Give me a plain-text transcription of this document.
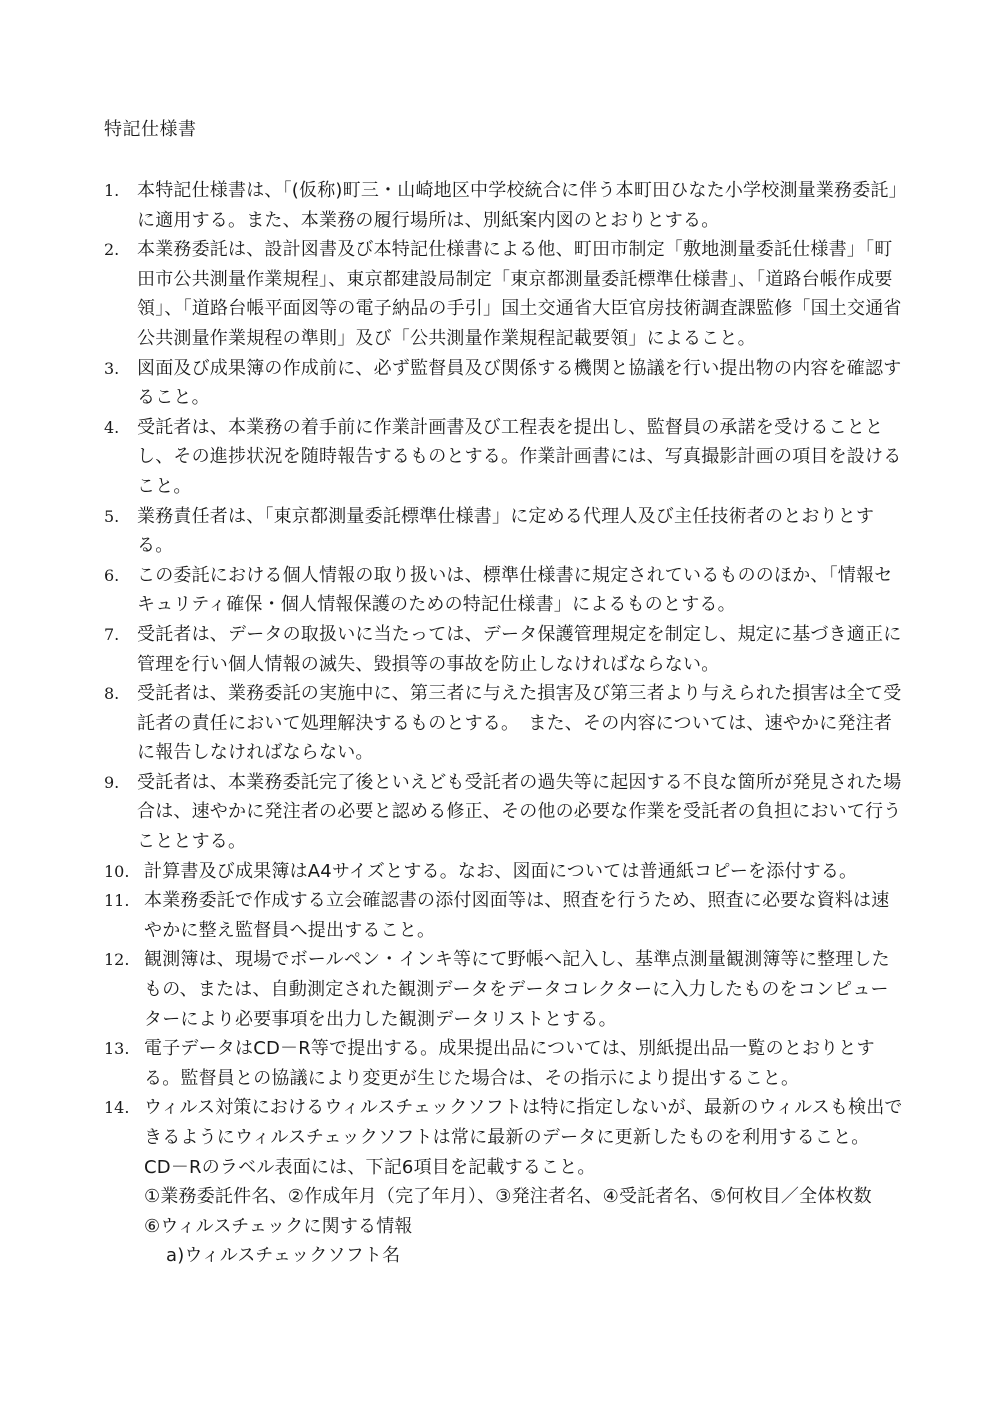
特記仕様書
1. 本特記仕様書は、「(仮称)町三・山崎地区中学校統合に伴う本町田ひなた小学校測量業務委託」に適用する。また、本業務の履行場所は、別紙案内図のとおりとする。
2. 本業務委託は、設計図書及び本特記仕様書による他、町田市制定「敷地測量委託仕様書」「町田市公共測量作業規程」、東京都建設局制定「東京都測量委託標準仕様書」、「道路台帳作成要領」、「道路台帳平面図等の電子納品の手引」国土交通省大臣官房技術調査課監修「国土交通省公共測量作業規程の準則」及び「公共測量作業規程記載要領」によること。
3. 図面及び成果簿の作成前に、必ず監督員及び関係する機関と協議を行い提出物の内容を確認すること。
4. 受託者は、本業務の着手前に作業計画書及び工程表を提出し、監督員の承諾を受けることとし、その進捗状況を随時報告するものとする。作業計画書には、写真撮影計画の項目を設けること。
5. 業務責任者は、「東京都測量委託標準仕様書」に定める代理人及び主任技術者のとおりとする。
6. この委託における個人情報の取り扱いは、標準仕様書に規定されているもののほか、「情報セキュリティ確保・個人情報保護のための特記仕様書」によるものとする。
7. 受託者は、データの取扱いに当たっては、データ保護管理規定を制定し、規定に基づき適正に管理を行い個人情報の滅失、毀損等の事故を防止しなければならない。
8. 受託者は、業務委託の実施中に、第三者に与えた損害及び第三者より与えられた損害は全て受託者の責任において処理解決するものとする。　また、その内容については、速やかに発注者に報告しなければならない。
9. 受託者は、本業務委託完了後といえども受託者の過失等に起因する不良な箇所が発見された場合は、速やかに発注者の必要と認める修正、その他の必要な作業を受託者の負担において行うこととする。
10. 計算書及び成果簿はA4サイズとする。なお、図面については普通紙コピーを添付する。
11. 本業務委託で作成する立会確認書の添付図面等は、照査を行うため、照査に必要な資料は速やかに整え監督員へ提出すること。
12. 観測簿は、現場でボールペン・インキ等にて野帳へ記入し、基準点測量観測簿等に整理したもの、または、自動測定された観測データをデータコレクターに入力したものをコンピューターにより必要事項を出力した観測データリストとする。
13. 電子データはCD－R等で提出する。成果提出品については、別紙提出品一覧のとおりとする。監督員との協議により変更が生じた場合は、その指示により提出すること。
14. ウィルス対策におけるウィルスチェックソフトは特に指定しないが、最新のウィルスも検出できるようにウィルスチェックソフトは常に最新のデータに更新したものを利用すること。
CD－Rのラベル表面には、下記6項目を記載すること。
①業務委託件名、②作成年月（完了年月）、③発注者名、④受託者名、⑤何枚目／全体枚数
⑥ウィルスチェックに関する情報
a)ウィルスチェックソフト名
